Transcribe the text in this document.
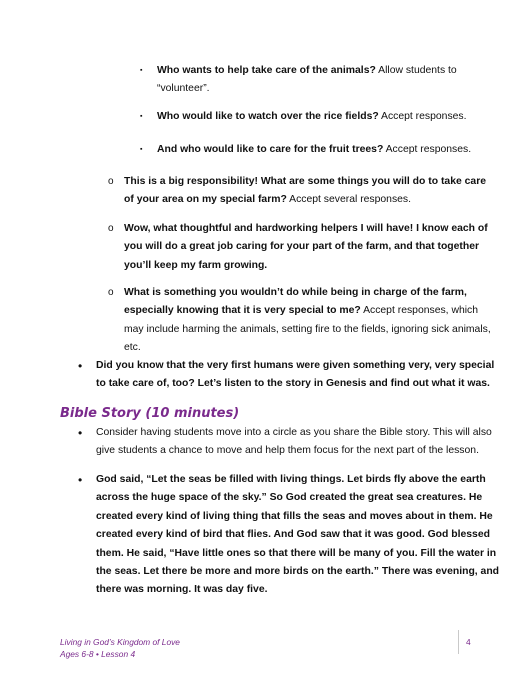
▪ Who wants to help take care of the animals? Allow students to
“volunteer”.
▪ Who would like to watch over the rice fields? Accept responses.
▪ And who would like to care for the fruit trees? Accept responses.
o This is a big responsibility! What are some things you will do to take care
of your area on my special farm? Accept several responses.
o Wow, what thoughtful and hardworking helpers I will have! I know each of
you will do a great job caring for your part of the farm, and that together
you’ll keep my farm growing.
o What is something you wouldn’t do while being in charge of the farm,
especially knowing that it is very special to me? Accept responses, which
may include harming the animals, setting fire to the fields, ignoring sick animals,
etc.
• Did you know that the very first humans were given something very, very special
to take care of, too? Let’s listen to the story in Genesis and find out what it was.
Bible Story (10 minutes)
• Consider having students move into a circle as you share the Bible story. This will also
give students a chance to move and help them focus for the next part of the lesson.
• God said, “Let the seas be filled with living things. Let birds fly above the earth
across the huge space of the sky.” So God created the great sea creatures. He
created every kind of living thing that fills the seas and moves about in them. He
created every kind of bird that flies. And God saw that it was good. God blessed
them. He said, “Have little ones so that there will be many of you. Fill the water in
the seas. Let there be more and more birds on the earth.” There was evening, and
there was morning. It was day five.
Living in God’s Kingdom of Love
Ages 6-8 • Lesson 4
4
